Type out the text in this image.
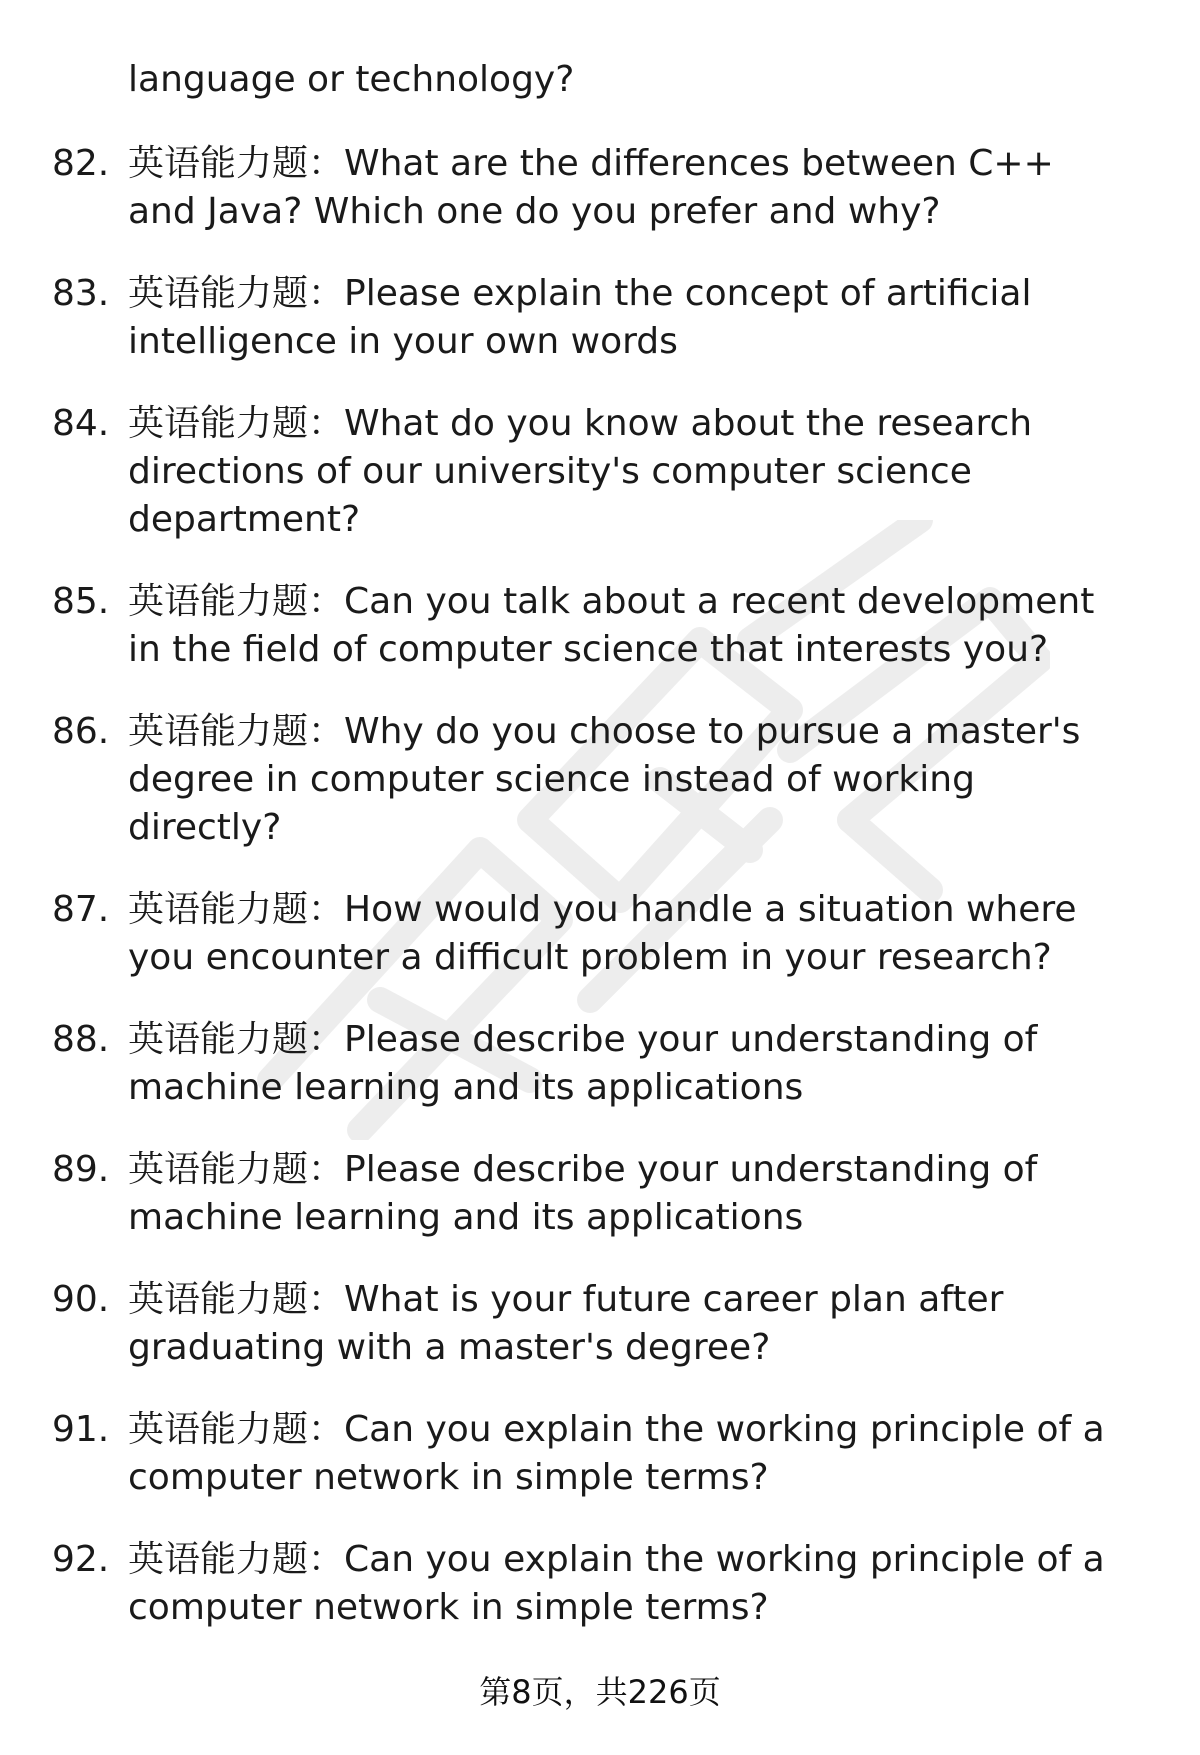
language or technology?
82. 英语能力题：What are the differences between C++ and Java? Which one do you prefer and why?
83. 英语能力题：Please explain the concept of artificial intelligence in your own words
84. 英语能力题：What do you know about the research directions of our university's computer science department?
85. 英语能力题：Can you talk about a recent development in the field of computer science that interests you?
86. 英语能力题：Why do you choose to pursue a master's degree in computer science instead of working directly?
87. 英语能力题：How would you handle a situation where you encounter a difficult problem in your research?
88. 英语能力题：Please describe your understanding of machine learning and its applications
89. 英语能力题：Please describe your understanding of machine learning and its applications
90. 英语能力题：What is your future career plan after graduating with a master's degree?
91. 英语能力题：Can you explain the working principle of a computer network in simple terms?
92. 英语能力题：Can you explain the working principle of a computer network in simple terms?
第8页，共226页
